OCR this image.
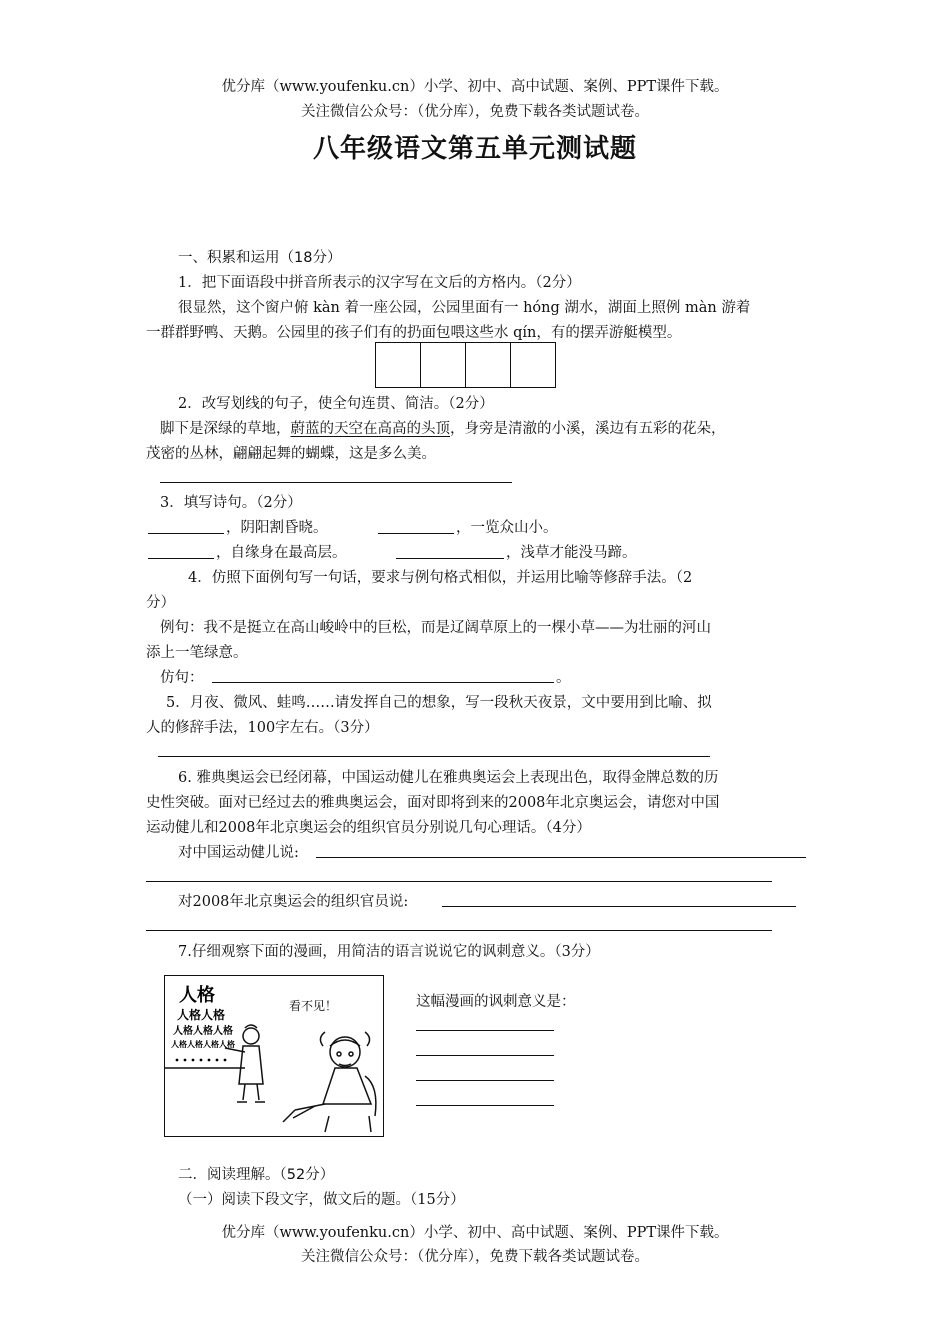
优分库（www.youfenku.cn）小学、初中、高中试题、案例、PPT课件下载。
关注微信公众号：（优分库），免费下载各类试题试卷。
八年级语文第五单元测试题
一、积累和运用（18分）
1．把下面语段中拼音所表示的汉字写在文后的方格内。（2分）
很显然，这个窗户俯 kàn 着一座公园，公园里面有一 hóng 湖水，湖面上照例 màn 游着
一群群野鸭、天鹅。公园里的孩子们有的扔面包喂这些水 qín，有的摆弄游艇模型。
2．改写划线的句子，使全句连贯、简洁。（2分）
脚下是深绿的草地，蔚蓝的天空在高高的头顶，身旁是清澈的小溪，溪边有五彩的花朵，
茂密的丛林，翩翩起舞的蝴蝶，这是多么美。
3．填写诗句。（2分）
，阴阳割昏晓。	，一览众山小。
，自缘身在最高层。	，浅草才能没马蹄。
4．仿照下面例句写一句话，要求与例句格式相似，并运用比喻等修辞手法。（2
分）
例句：我不是挺立在高山峻岭中的巨松，而是辽阔草原上的一棵小草——为壮丽的河山
添上一笔绿意。
仿句：	。
5．月夜、微风、蛙鸣……请发挥自己的想象，写一段秋天夜景，文中要用到比喻、拟
人的修辞手法，100字左右。（3分）
6. 雅典奥运会已经闭幕，中国运动健儿在雅典奥运会上表现出色，取得金牌总数的历
史性突破。面对已经过去的雅典奥运会，面对即将到来的2008年北京奥运会，请您对中国
运动健儿和2008年北京奥运会的组织官员分别说几句心理话。（4分）
对中国运动健儿说:
对2008年北京奥运会的组织官员说:
7.仔细观察下面的漫画，用简洁的语言说说它的讽刺意义。（3分）
人格
人格人格
人格人格人格
人格人格人格人格
看不见！	这幅漫画的讽刺意义是：
二．阅读理解。（52分）
（一）阅读下段文字，做文后的题。（15分）
优分库（www.youfenku.cn）小学、初中、高中试题、案例、PPT课件下载。
关注微信公众号：（优分库），免费下载各类试题试卷。
